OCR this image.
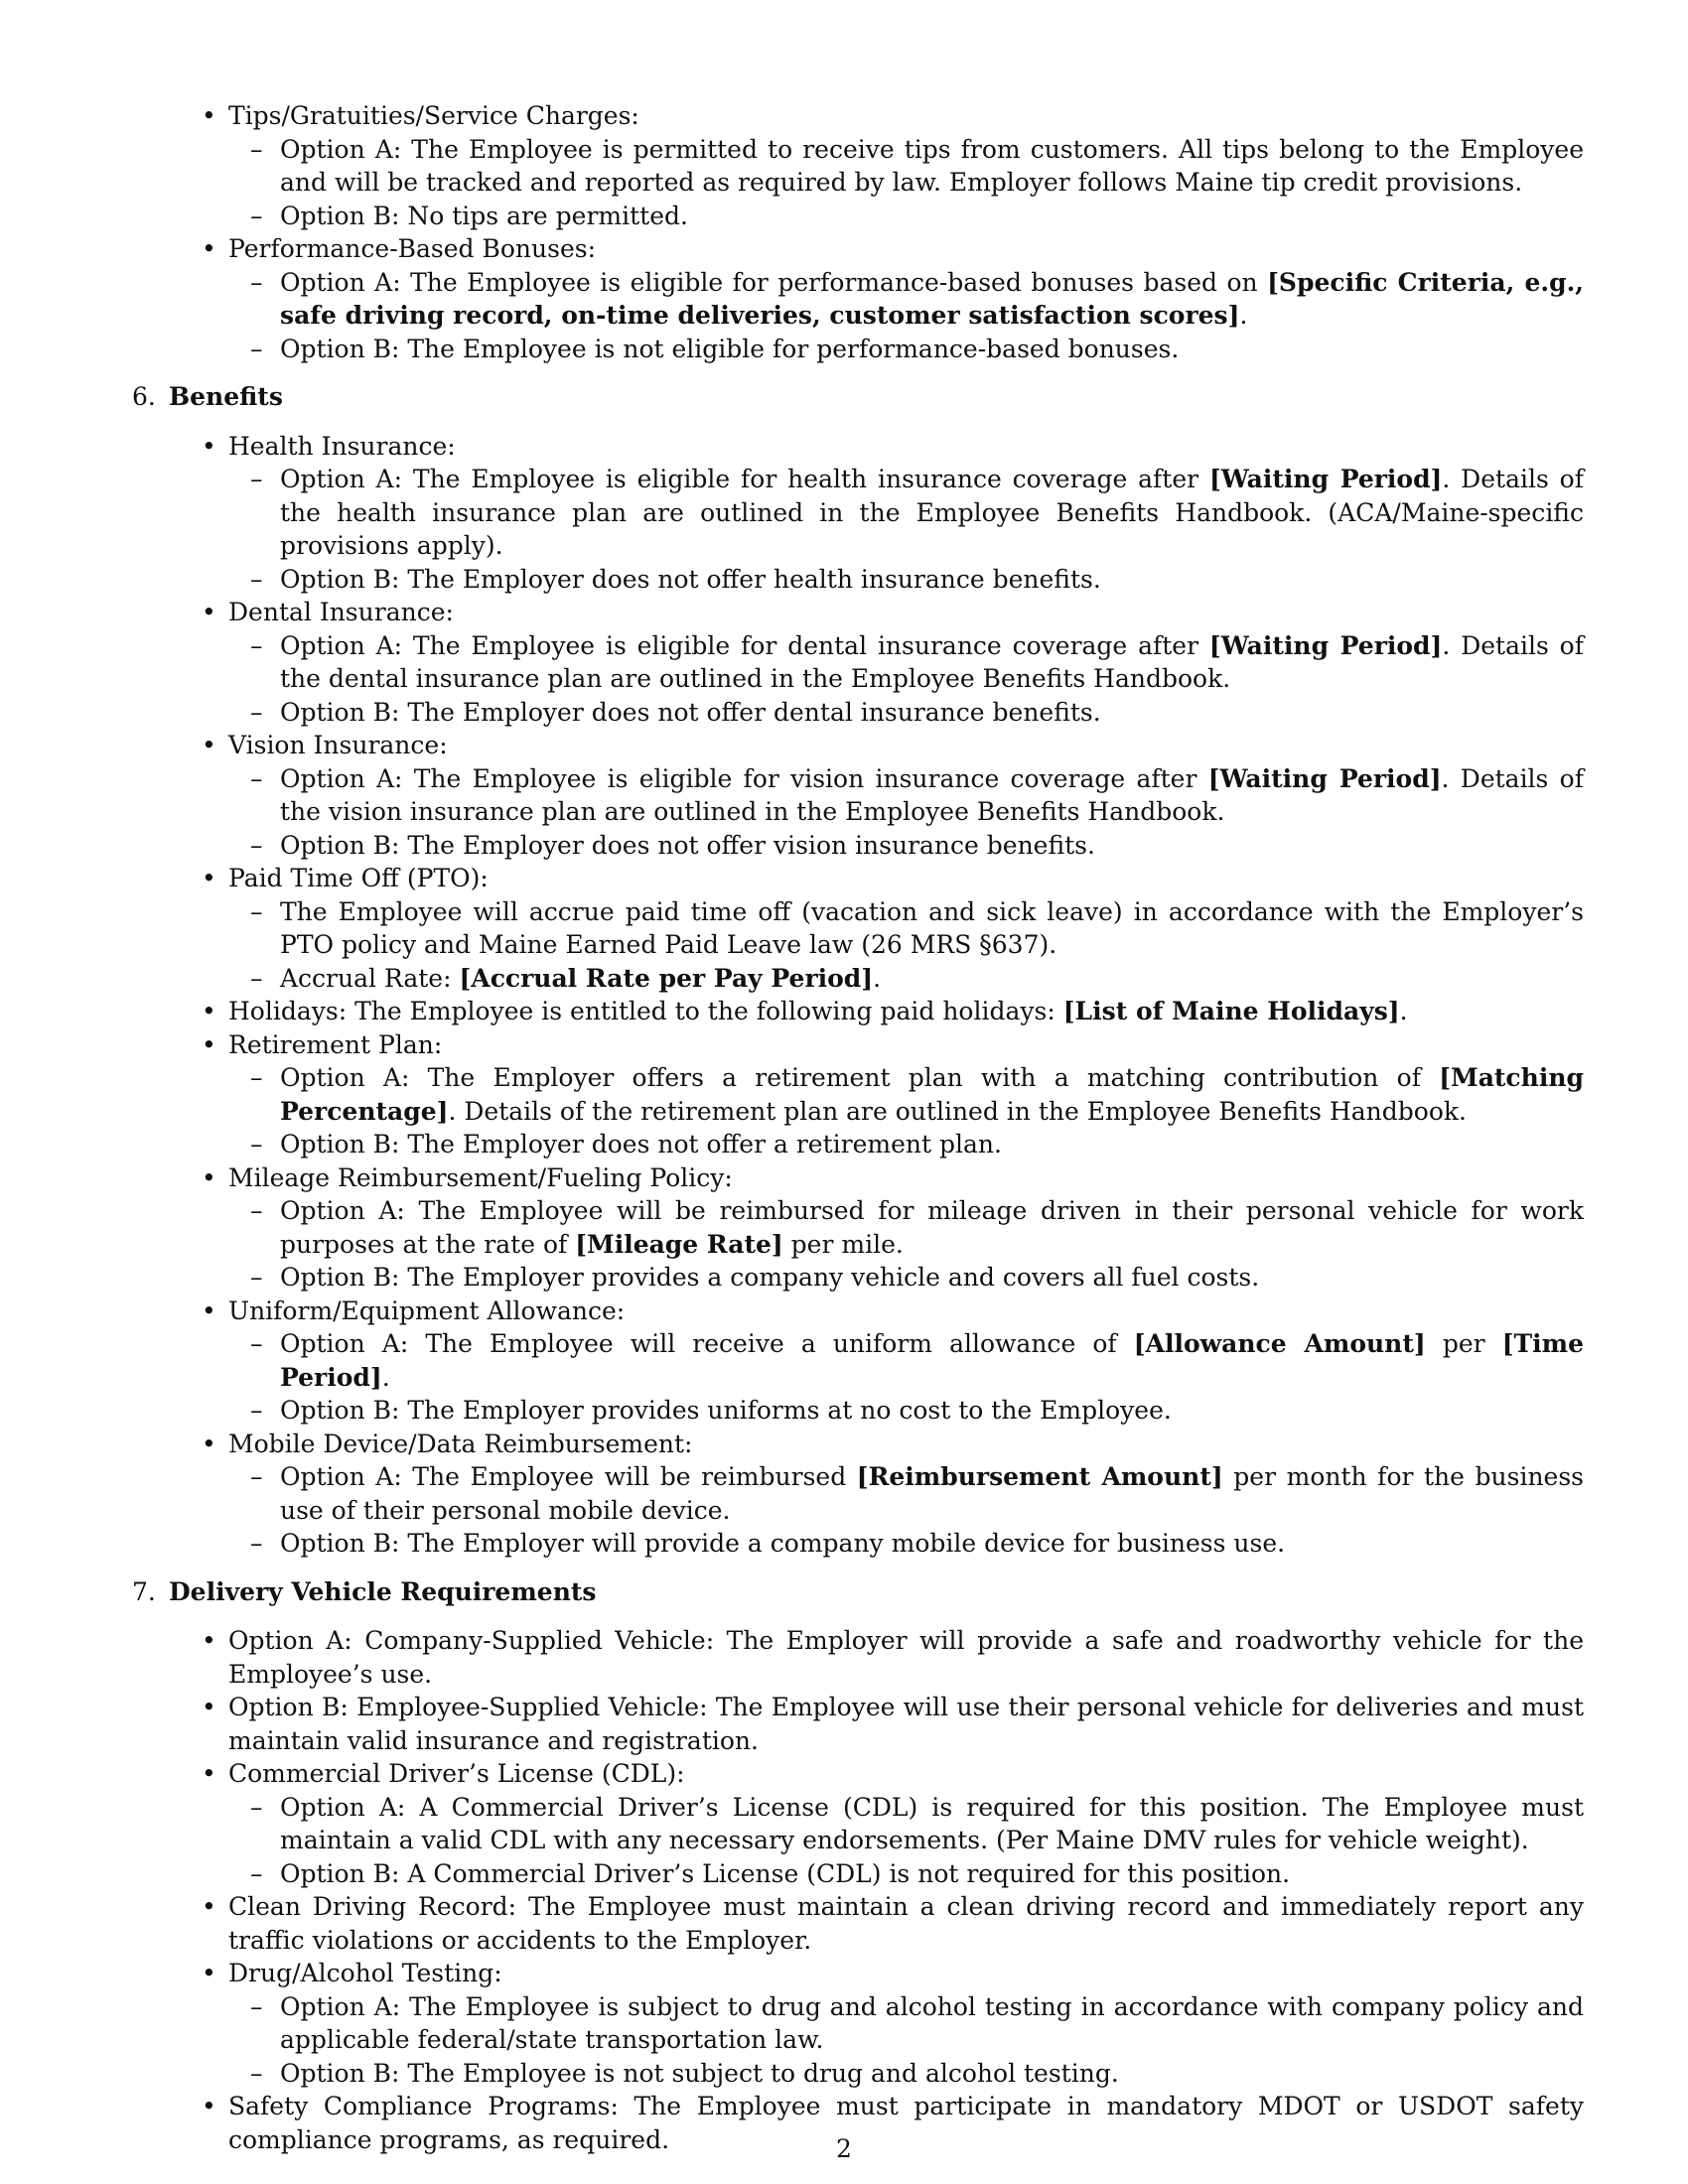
• Tips/Gratuities/Service Charges:
– Option A: The Employee is permitted to receive tips from customers. All tips belong to the Employee and will be tracked and reported as required by law. Employer follows Maine tip credit provisions.
– Option B: No tips are permitted.
• Performance-Based Bonuses:
– Option A: The Employee is eligible for performance-based bonuses based on [Specific Criteria, e.g., safe driving record, on-time deliveries, customer satisfaction scores].
– Option B: The Employee is not eligible for performance-based bonuses.
6. Benefits
• Health Insurance:
– Option A: The Employee is eligible for health insurance coverage after [Waiting Period]. Details of the health insurance plan are outlined in the Employee Benefits Handbook. (ACA/Maine-specific provisions apply).
– Option B: The Employer does not offer health insurance benefits.
• Dental Insurance:
– Option A: The Employee is eligible for dental insurance coverage after [Waiting Period]. Details of the dental insurance plan are outlined in the Employee Benefits Handbook.
– Option B: The Employer does not offer dental insurance benefits.
• Vision Insurance:
– Option A: The Employee is eligible for vision insurance coverage after [Waiting Period]. Details of the vision insurance plan are outlined in the Employee Benefits Handbook.
– Option B: The Employer does not offer vision insurance benefits.
• Paid Time Off (PTO):
– The Employee will accrue paid time off (vacation and sick leave) in accordance with the Employer’s PTO policy and Maine Earned Paid Leave law (26 MRS §637).
– Accrual Rate: [Accrual Rate per Pay Period].
• Holidays: The Employee is entitled to the following paid holidays: [List of Maine Holidays].
• Retirement Plan:
– Option A: The Employer offers a retirement plan with a matching contribution of [Matching Percentage]. Details of the retirement plan are outlined in the Employee Benefits Handbook.
– Option B: The Employer does not offer a retirement plan.
• Mileage Reimbursement/Fueling Policy:
– Option A: The Employee will be reimbursed for mileage driven in their personal vehicle for work purposes at the rate of [Mileage Rate] per mile.
– Option B: The Employer provides a company vehicle and covers all fuel costs.
• Uniform/Equipment Allowance:
– Option A: The Employee will receive a uniform allowance of [Allowance Amount] per [Time Period].
– Option B: The Employer provides uniforms at no cost to the Employee.
• Mobile Device/Data Reimbursement:
– Option A: The Employee will be reimbursed [Reimbursement Amount] per month for the business use of their personal mobile device.
– Option B: The Employer will provide a company mobile device for business use.
7. Delivery Vehicle Requirements
• Option A: Company-Supplied Vehicle: The Employer will provide a safe and roadworthy vehicle for the Employee’s use.
• Option B: Employee-Supplied Vehicle: The Employee will use their personal vehicle for deliveries and must maintain valid insurance and registration.
• Commercial Driver’s License (CDL):
– Option A: A Commercial Driver’s License (CDL) is required for this position. The Employee must maintain a valid CDL with any necessary endorsements. (Per Maine DMV rules for vehicle weight).
– Option B: A Commercial Driver’s License (CDL) is not required for this position.
• Clean Driving Record: The Employee must maintain a clean driving record and immediately report any traffic violations or accidents to the Employer.
• Drug/Alcohol Testing:
– Option A: The Employee is subject to drug and alcohol testing in accordance with company policy and applicable federal/state transportation law.
– Option B: The Employee is not subject to drug and alcohol testing.
• Safety Compliance Programs: The Employee must participate in mandatory MDOT or USDOT safety compliance programs, as required.	2
